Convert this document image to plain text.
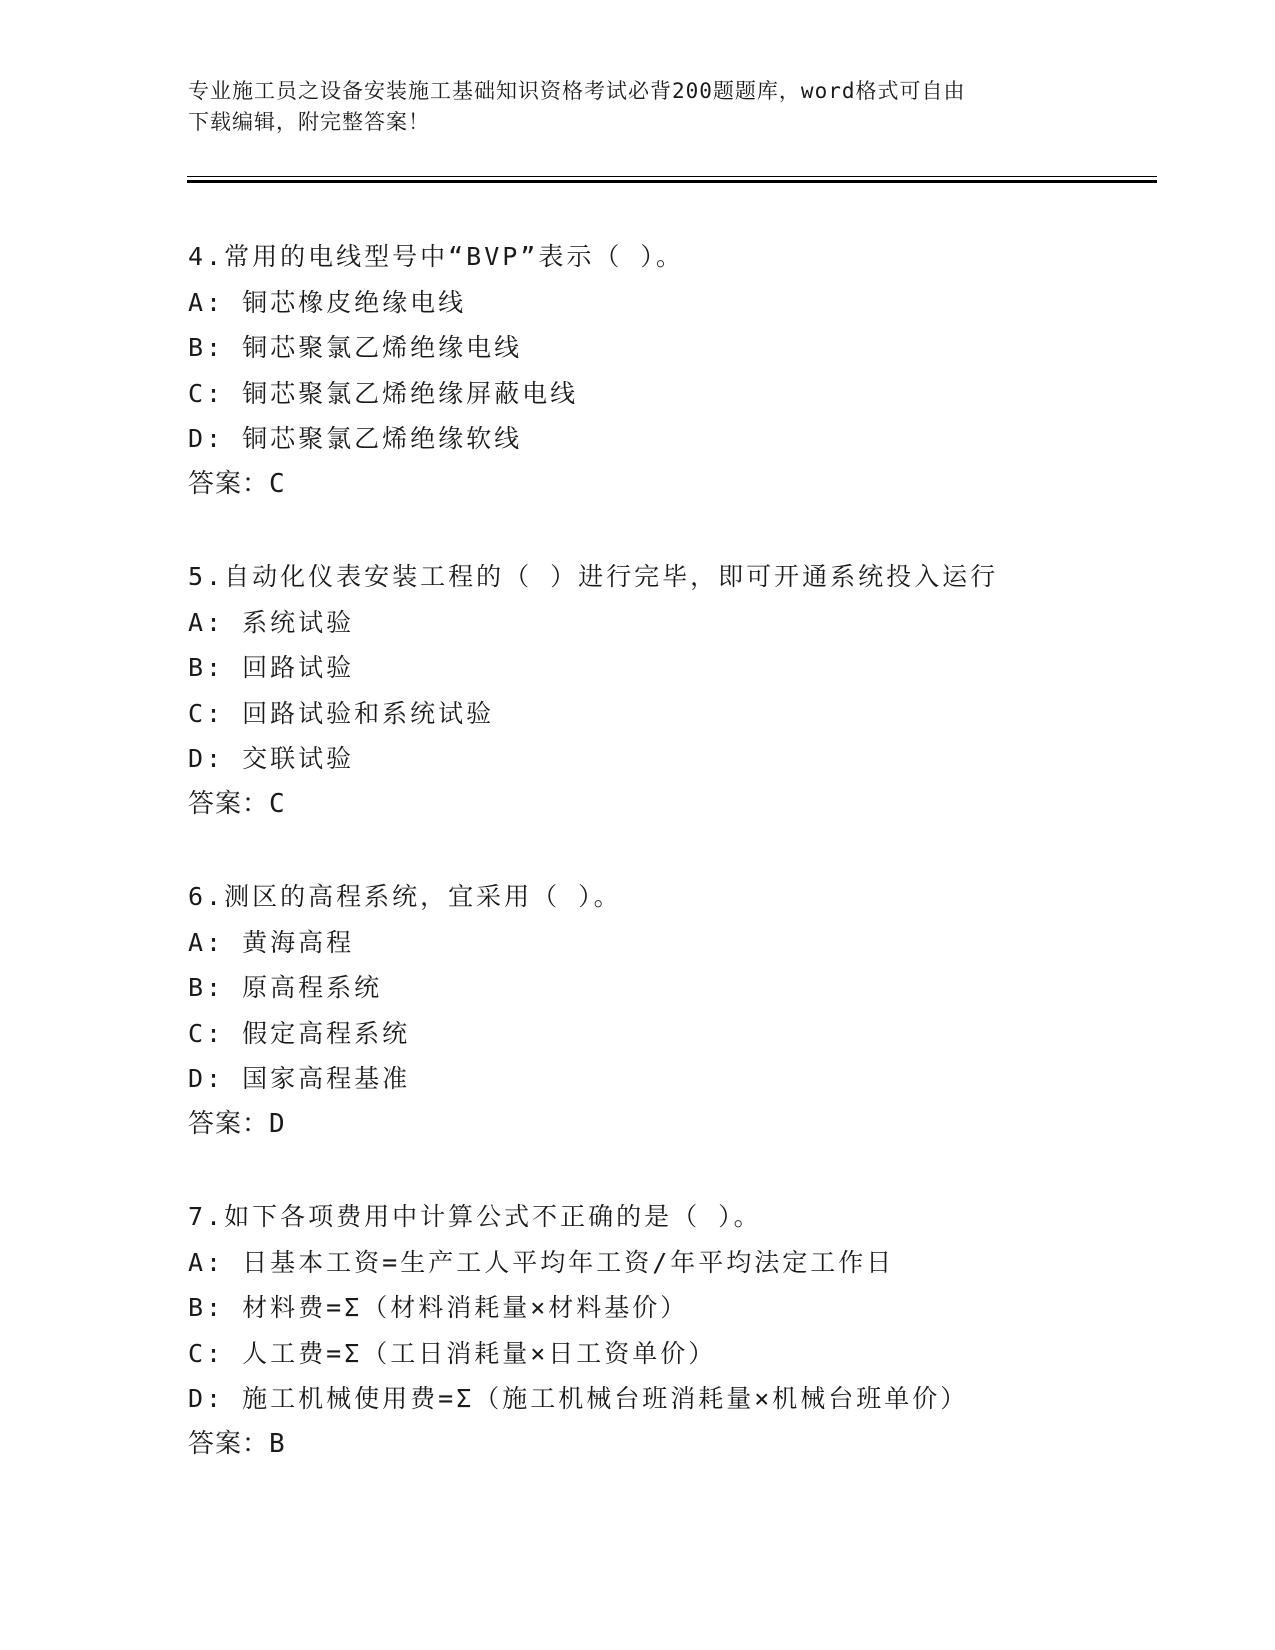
专业施工员之设备安装施工基础知识资格考试必背200题题库，word格式可自由
下载编辑，附完整答案！
4.常用的电线型号中“BVP”表示（ ）。
A: 铜芯橡皮绝缘电线
B: 铜芯聚氯乙烯绝缘电线
C: 铜芯聚氯乙烯绝缘屏蔽电线
D: 铜芯聚氯乙烯绝缘软线
答案：C
5.自动化仪表安装工程的（ ）进行完毕，即可开通系统投入运行
A: 系统试验
B: 回路试验
C: 回路试验和系统试验
D: 交联试验
答案：C
6.测区的高程系统，宜采用（ ）。
A: 黄海高程
B: 原高程系统
C: 假定高程系统
D: 国家高程基准
答案：D
7.如下各项费用中计算公式不正确的是（ ）。
A: 日基本工资=生产工人平均年工资/年平均法定工作日
B: 材料费=Σ（材料消耗量×材料基价）
C: 人工费=Σ（工日消耗量×日工资单价）
D: 施工机械使用费=Σ（施工机械台班消耗量×机械台班单价）
答案：B
